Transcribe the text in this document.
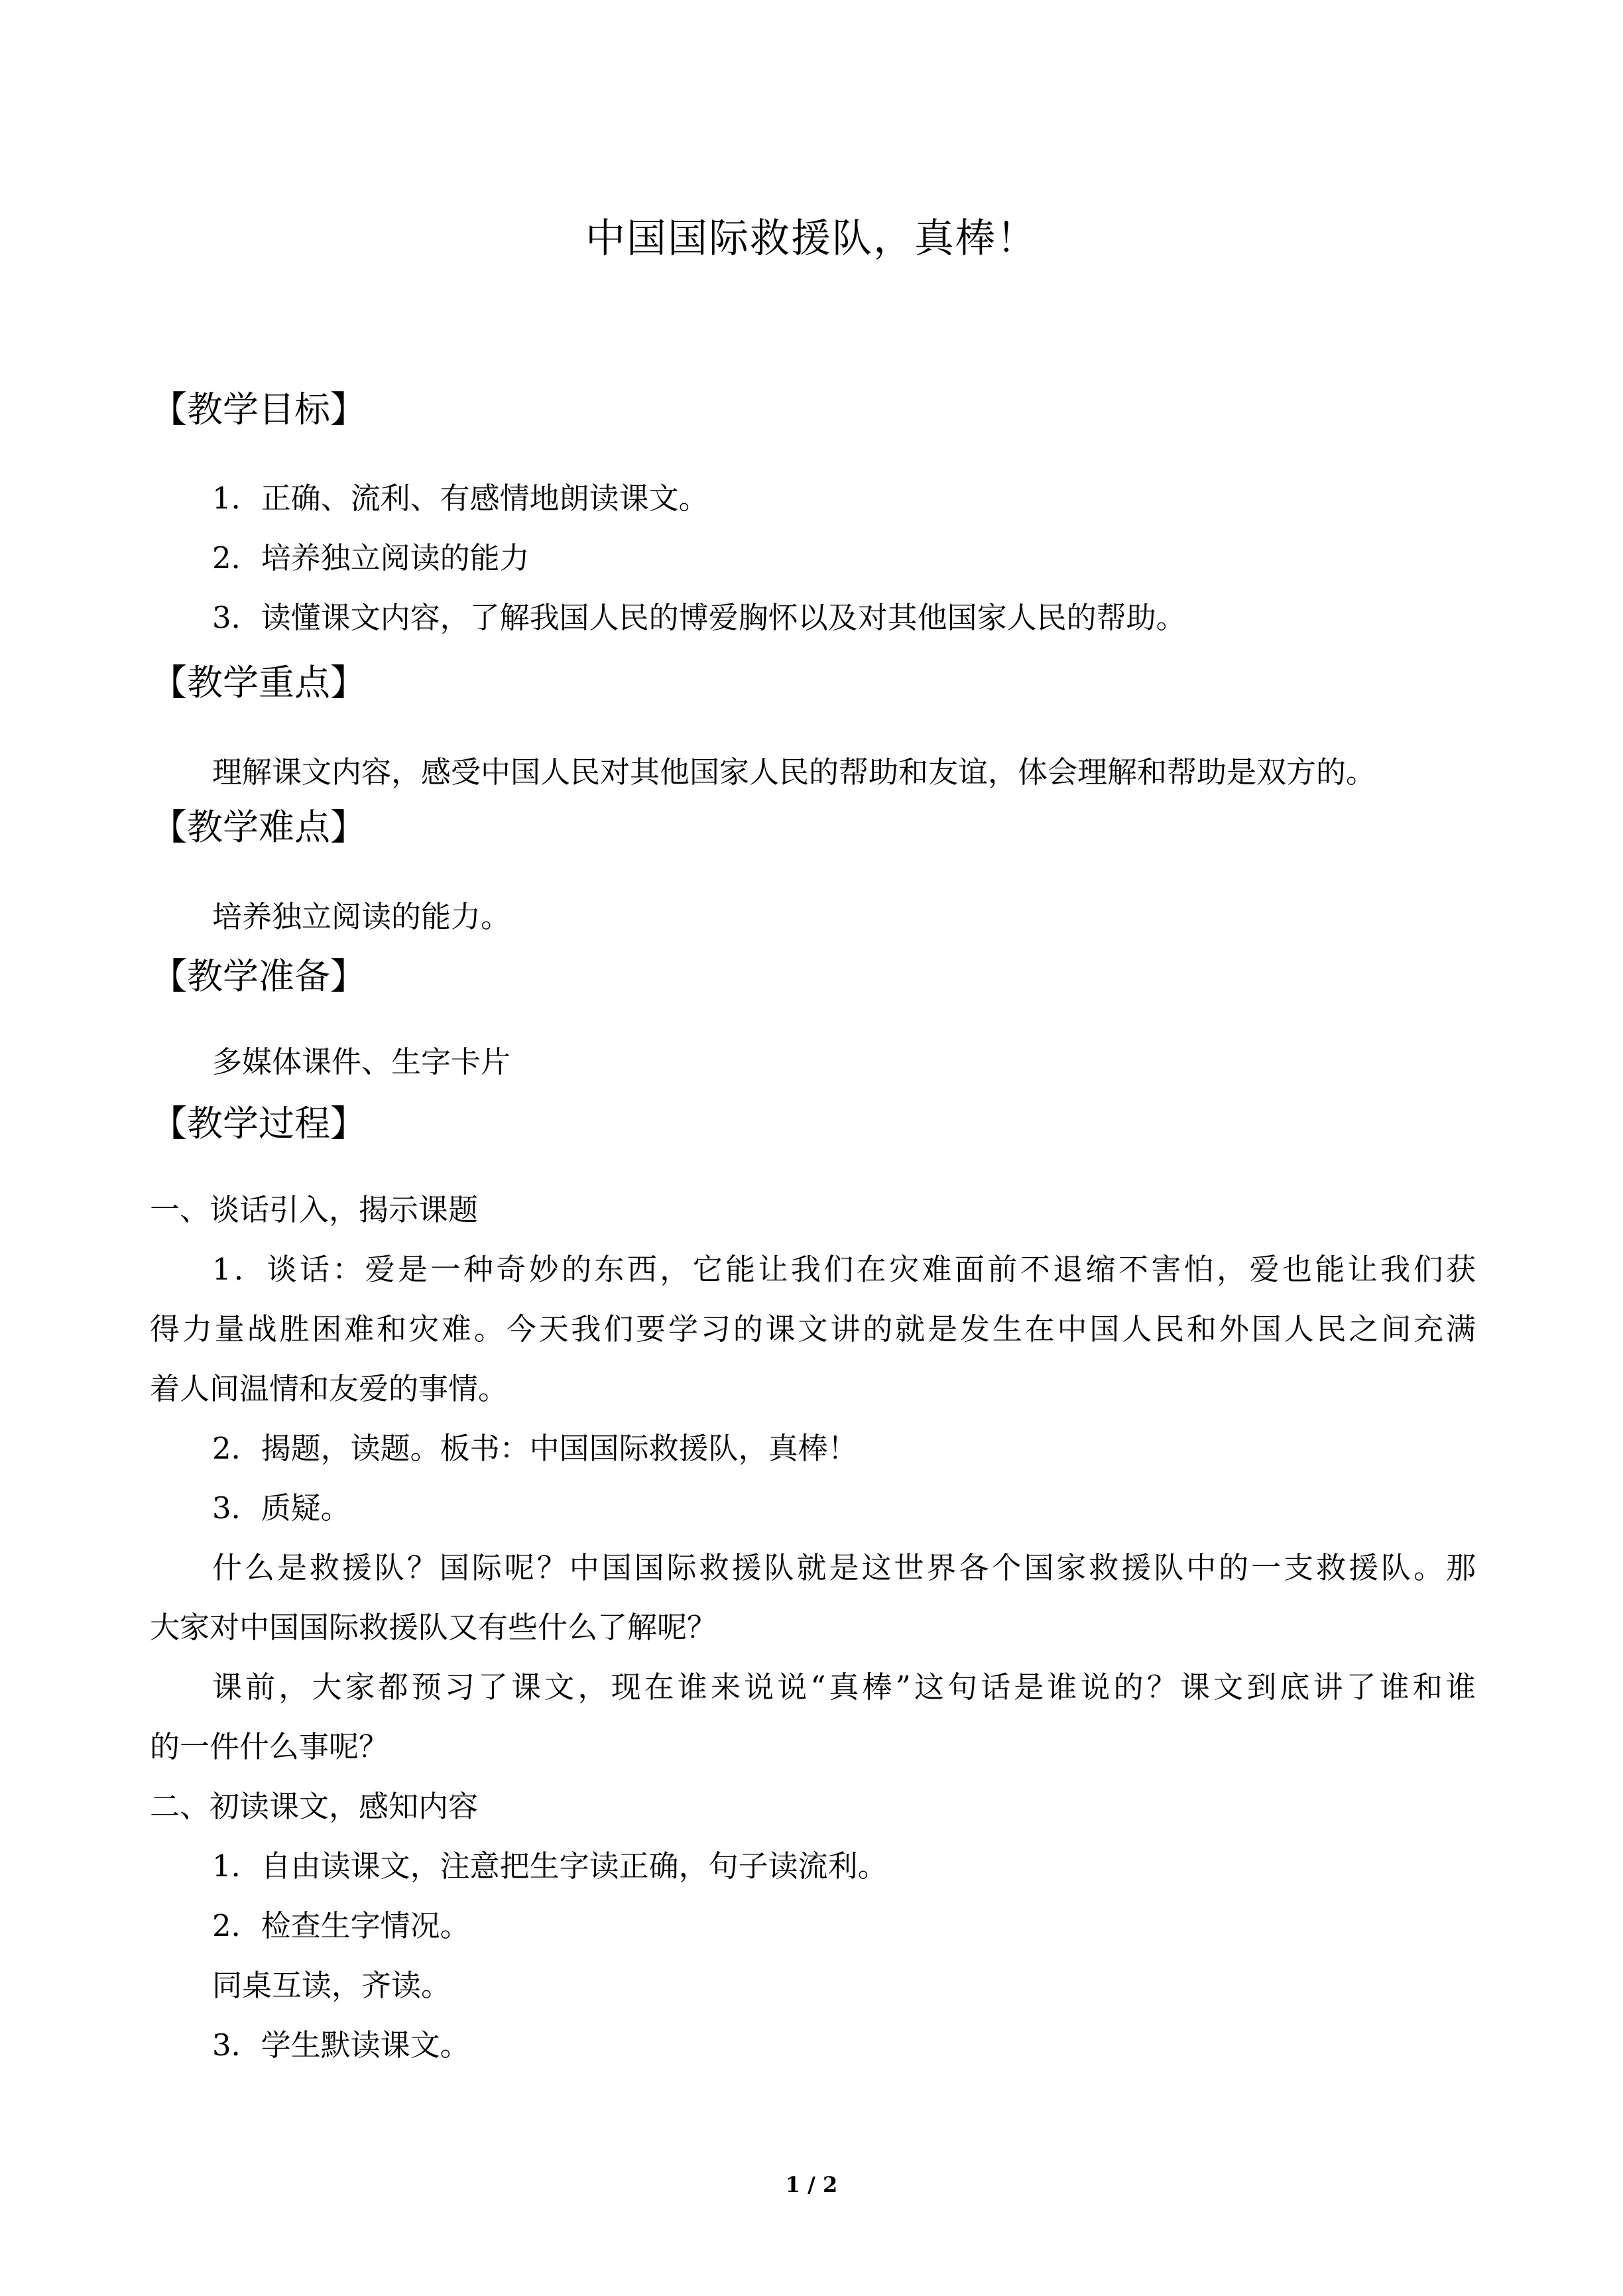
中国国际救援队，真棒！
【教学目标】
1．正确、流利、有感情地朗读课文。
2．培养独立阅读的能力
3．读懂课文内容，了解我国人民的博爱胸怀以及对其他国家人民的帮助。
【教学重点】
理解课文内容，感受中国人民对其他国家人民的帮助和友谊，体会理解和帮助是双方的。
【教学难点】
培养独立阅读的能力。
【教学准备】
多媒体课件、生字卡片
【教学过程】
一、谈话引入，揭示课题
1．谈话：爱是一种奇妙的东西，它能让我们在灾难面前不退缩不害怕，爱也能让我们获
得力量战胜困难和灾难。今天我们要学习的课文讲的就是发生在中国人民和外国人民之间充满
着人间温情和友爱的事情。
2．揭题，读题。板书：中国国际救援队，真棒！
3．质疑。
什么是救援队？国际呢？中国国际救援队就是这世界各个国家救援队中的一支救援队。那
大家对中国国际救援队又有些什么了解呢？
课前，大家都预习了课文，现在谁来说说“真棒”这句话是谁说的？课文到底讲了谁和谁
的一件什么事呢？
二、初读课文，感知内容
1．自由读课文，注意把生字读正确，句子读流利。
2．检查生字情况。
同桌互读，齐读。
3．学生默读课文。
1 / 2
